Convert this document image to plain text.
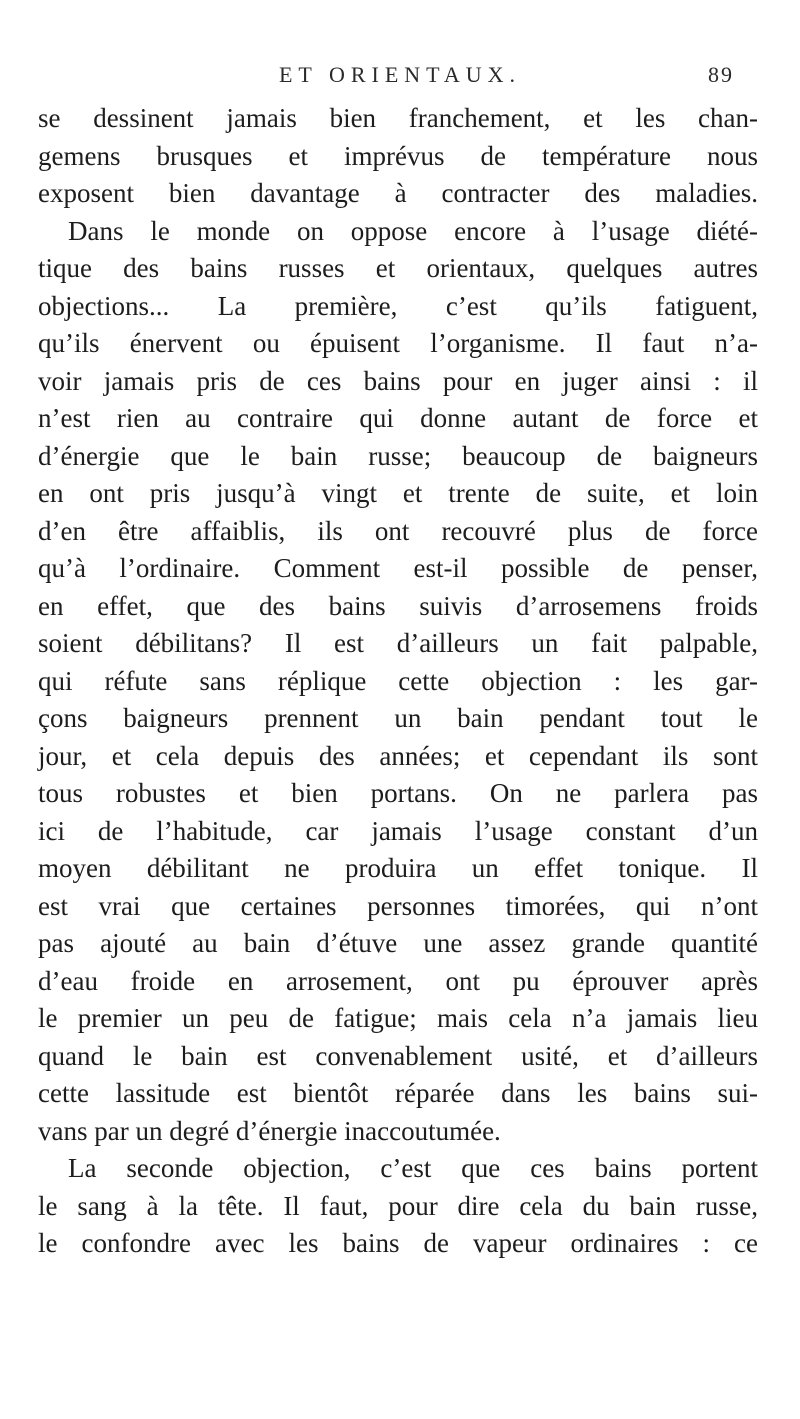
ET ORIENTAUX.	89
se dessinent jamais bien franchement, et les chan-
gemens brusques et imprévus de température nous
exposent bien davantage à contracter des maladies.
Dans le monde on oppose encore à l’usage diété-
tique des bains russes et orientaux, quelques autres
objections... La première, c’est qu’ils fatiguent,
qu’ils énervent ou épuisent l’organisme. Il faut n’a-
voir jamais pris de ces bains pour en juger ainsi : il
n’est rien au contraire qui donne autant de force et
d’énergie que le bain russe; beaucoup de baigneurs
en ont pris jusqu’à vingt et trente de suite, et loin
d’en être affaiblis, ils ont recouvré plus de force
qu’à l’ordinaire. Comment est-il possible de penser,
en effet, que des bains suivis d’arrosemens froids
soient débilitans? Il est d’ailleurs un fait palpable,
qui réfute sans réplique cette objection : les gar-
çons baigneurs prennent un bain pendant tout le
jour, et cela depuis des années; et cependant ils sont
tous robustes et bien portans. On ne parlera pas
ici de l’habitude, car jamais l’usage constant d’un
moyen débilitant ne produira un effet tonique. Il
est vrai que certaines personnes timorées, qui n’ont
pas ajouté au bain d’étuve une assez grande quantité
d’eau froide en arrosement, ont pu éprouver après
le premier un peu de fatigue; mais cela n’a jamais lieu
quand le bain est convenablement usité, et d’ailleurs
cette lassitude est bientôt réparée dans les bains sui-
vans par un degré d’énergie inaccoutumée.
La seconde objection, c’est que ces bains portent
le sang à la tête. Il faut, pour dire cela du bain russe,
le confondre avec les bains de vapeur ordinaires : ce
